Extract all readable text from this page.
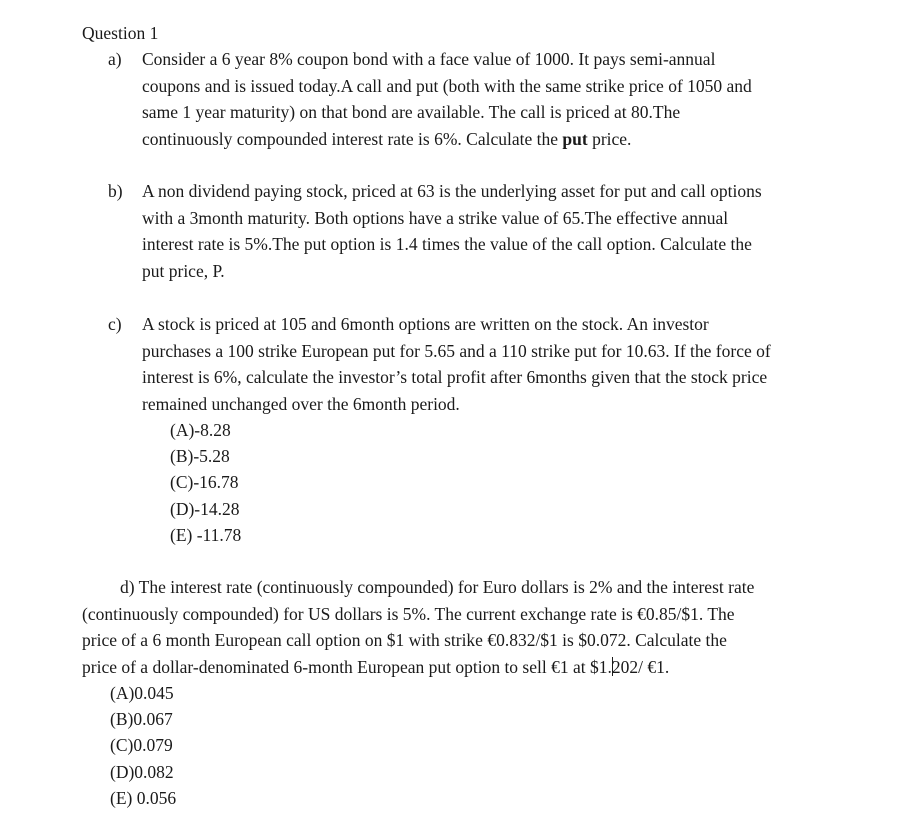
Question 1
a) Consider a 6 year 8% coupon bond with a face value of 1000. It pays semi-annual
coupons and is issued today.A call and put (both with the same strike price of 1050 and
same 1 year maturity) on that bond are available. The call is priced at 80.The
continuously compounded interest rate is 6%. Calculate the put price.
b) A non dividend paying stock, priced at 63 is the underlying asset for put and call options
with a 3month maturity. Both options have a strike value of 65.The effective annual
interest rate is 5%.The put option is 1.4 times the value of the call option. Calculate the
put price, P.
c) A stock is priced at 105 and 6month options are written on the stock. An investor
purchases a 100 strike European put for 5.65 and a 110 strike put for 10.63. If the force of
interest is 6%, calculate the investor’s total profit after 6months given that the stock price
remained unchanged over the 6month period.
(A)-8.28
(B)-5.28
(C)-16.78
(D)-14.28
(E) -11.78
d) The interest rate (continuously compounded) for Euro dollars is 2% and the interest rate
(continuously compounded) for US dollars is 5%. The current exchange rate is €0.85/$1. The
price of a 6 month European call option on $1 with strike €0.832/$1 is $0.072. Calculate the
price of a dollar-denominated 6-month European put option to sell €1 at $1.202/ €1.
(A)0.045
(B)0.067
(C)0.079
(D)0.082
(E) 0.056
